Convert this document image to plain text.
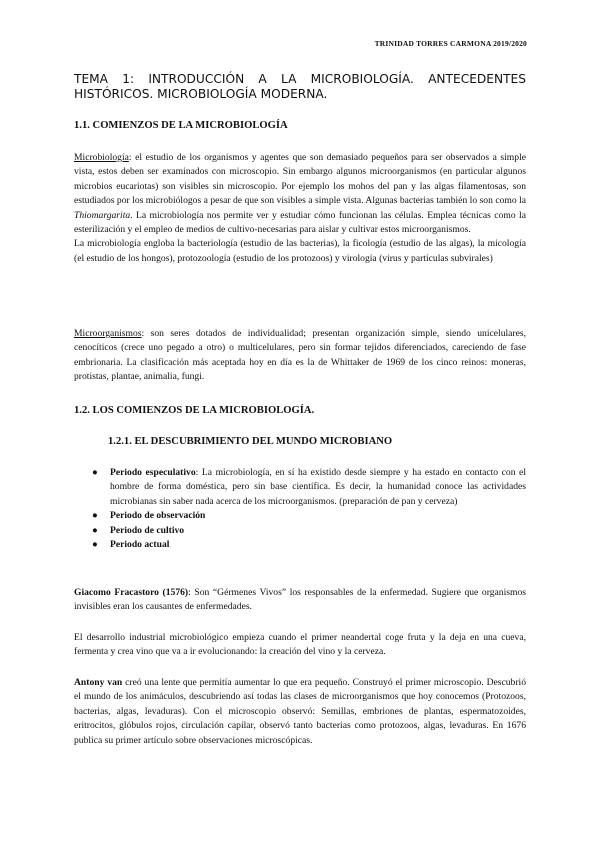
TRINIDAD TORRES CARMONA 2019/2020
TEMA 1: INTRODUCCIÓN A LA MICROBIOLOGÍA. ANTECEDENTES HISTÓRICOS. MICROBIOLOGÍA MODERNA.
1.1. COMIENZOS DE LA MICROBIOLOGÍA
Microbiología: el estudio de los organismos y agentes que son demasiado pequeños para ser observados a simple vista, estos deben ser examinados con microscopio. Sin embargo algunos microorganismos (en particular algunos microbios eucariotas) son visibles sin microscopio. Por ejemplo los mohos del pan y las algas filamentosas, son estudiados por los microbiólogos a pesar de que son visibles a simple vista. Algunas bacterias también lo son como la Thiomargarita. La microbiología nos permite ver y estudiar cómo funcionan las células. Emplea técnicas como la esterilización y el empleo de medios de cultivo-necesarias para aislar y cultivar estos microorganismos.
La microbiología engloba la bacteriología (estudio de las bacterias), la ficología (estudio de las algas), la micología (el estudio de los hongos), protozoología (estudio de los protozoos) y virología (virus y partículas subvirales)
Microorganismos: son seres dotados de individualidad; presentan organización simple, siendo unicelulares, cenocíticos (crece uno pegado a otro) o multicelulares, pero sin formar tejidos diferenciados, careciendo de fase embrionaria. La clasificación más aceptada hoy en día es la de Whittaker de 1969 de los cinco reinos: moneras, protistas, plantae, animalia, fungi.
1.2. LOS COMIENZOS DE LA MICROBIOLOGÍA.
1.2.1. EL DESCUBRIMIENTO DEL MUNDO MICROBIANO
● Periodo especulativo: La microbiología, en sí ha existido desde siempre y ha estado en contacto con el hombre de forma doméstica, pero sin base científica. Es decir, la humanidad conoce las actividades microbianas sin saber nada acerca de los microorganismos. (preparación de pan y cerveza)
● Periodo de observación
● Periodo de cultivo
● Periodo actual
Giacomo Fracastoro (1576): Son “Gérmenes Vivos” los responsables de la enfermedad. Sugiere que organismos invisibles eran los causantes de enfermedades.
El desarrollo industrial microbiológico empieza cuando el primer neandertal coge fruta y la deja en una cueva, fermenta y crea vino que va a ir evolucionando: la creación del vino y la cerveza.
Antony van creó una lente que permitía aumentar lo que era pequeño. Construyó el primer microscopio. Descubrió el mundo de los animáculos, descubriendo así todas las clases de microorganismos que hoy conocemos (Protozoos, bacterias, algas, levaduras). Con el microscopio observó: Semillas, embriones de plantas, espermatozoides, eritrocitos, glóbulos rojos, circulación capilar, observó tanto bacterias como protozoos, algas, levaduras. En 1676 publica su primer artículo sobre observaciones microscópicas.
